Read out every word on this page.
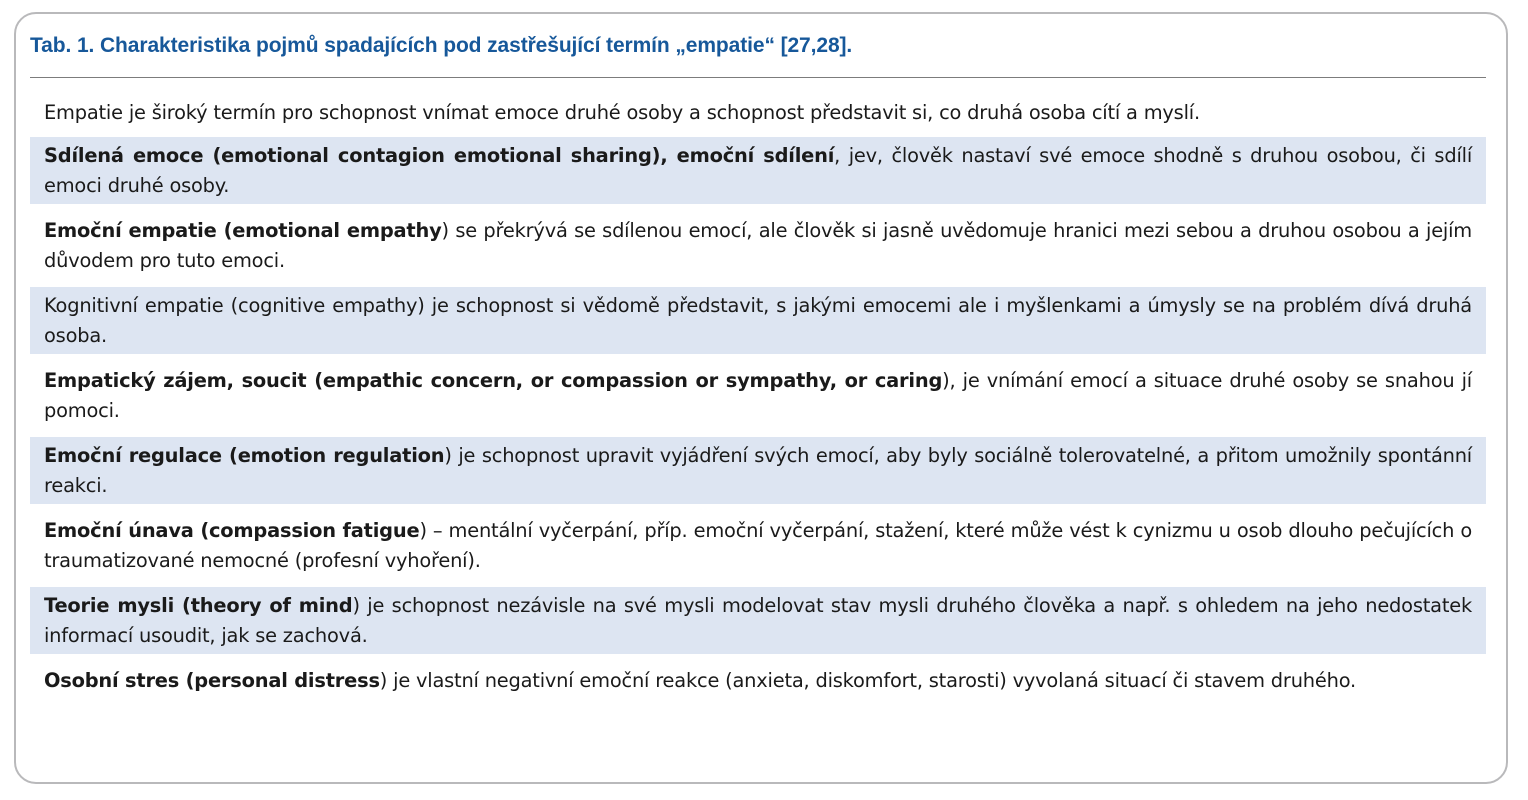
Tab. 1. Charakteristika pojmů spadajících pod zastřešující termín „empatie“ [27,28].
Empatie je široký termín pro schopnost vnímat emoce druhé osoby a schopnost představit si, co druhá osoba cítí a myslí.
Sdílená emoce (emotional contagion emotional sharing), emoční sdílení, jev, člověk nastaví své emoce shodně s druhou osobou, či sdílí emoci druhé osoby.
Emoční empatie (emotional empathy) se překrývá se sdílenou emocí, ale člověk si jasně uvědomuje hranici mezi sebou a druhou osobou a jejím důvodem pro tuto emoci.
Kognitivní empatie (cognitive empathy) je schopnost si vědomě představit, s jakými emocemi ale i myšlenkami a úmysly se na problém dívá druhá osoba.
Empatický zájem, soucit (empathic concern, or compassion or sympathy, or caring), je vnímání emocí a situace druhé osoby se snahou jí pomoci.
Emoční regulace (emotion regulation) je schopnost upravit vyjádření svých emocí, aby byly sociálně tolerovatelné, a přitom umožnily spontánní reakci.
Emoční únava (compassion fatigue) – mentální vyčerpání, příp. emoční vyčerpání, stažení, které může vést k cynizmu u osob dlouho pečujících o traumatizované nemocné (profesní vyhoření).
Teorie mysli (theory of mind) je schopnost nezávisle na své mysli modelovat stav mysli druhého člověka a např. s ohledem na jeho nedostatek informací usoudit, jak se zachová.
Osobní stres (personal distress) je vlastní negativní emoční reakce (anxieta, diskomfort, starosti) vyvolaná situací či stavem druhého.
